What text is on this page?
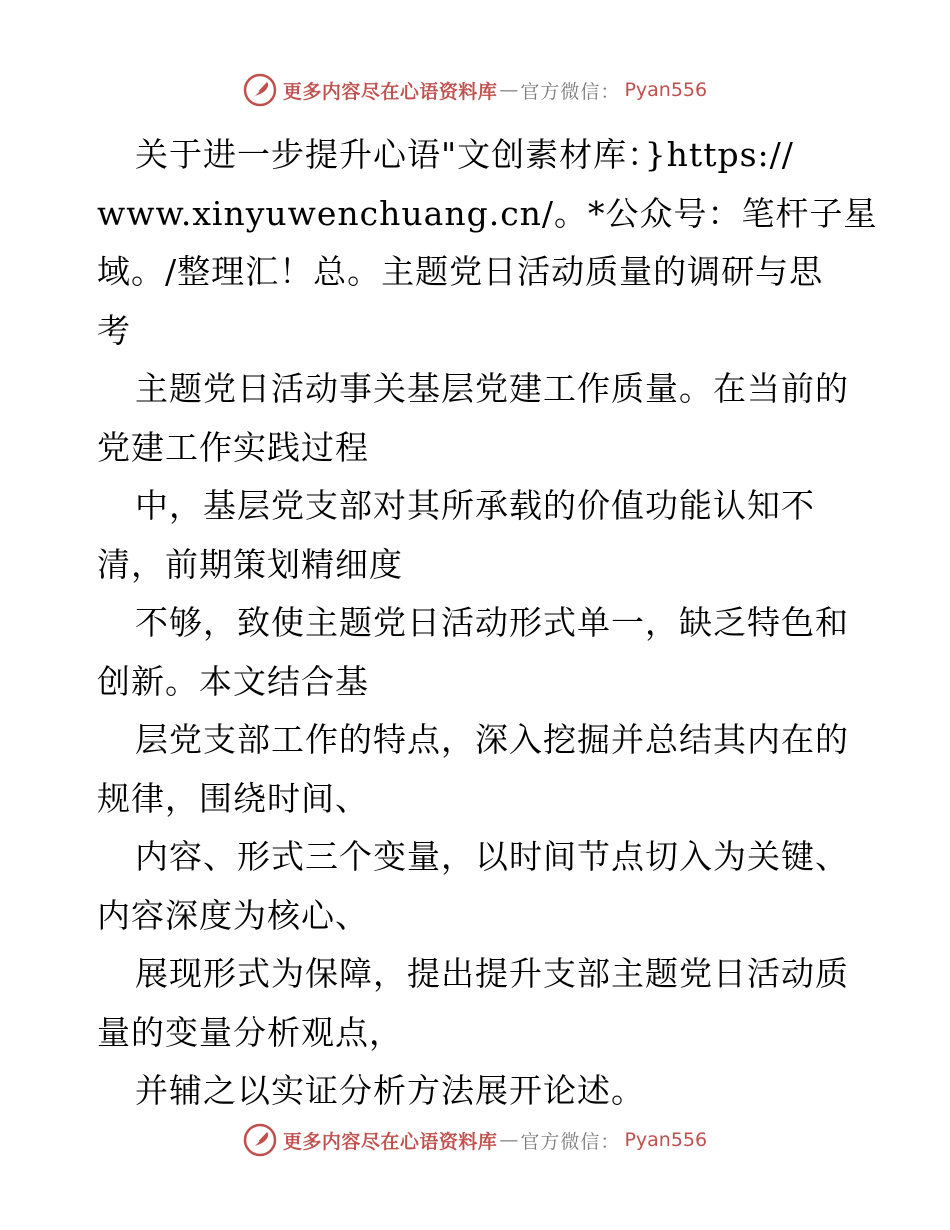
更多内容尽在心语资料库 — 官方微信： Pyan556

关于进一步提升心语"文创素材库：}https://

www.xinyuwenchuang.cn/。*公众号：笔杆子星

域。/整理汇！总。主题党日活动质量的调研与思

考

主题党日活动事关基层党建工作质量。在当前的

党建工作实践过程

中，基层党支部对其所承载的价值功能认知不

清，前期策划精细度

不够，致使主题党日活动形式单一，缺乏特色和

创新。本文结合基

层党支部工作的特点，深入挖掘并总结其内在的

规律，围绕时间、

内容、形式三个变量，以时间节点切入为关键、

内容深度为核心、

展现形式为保障，提出提升支部主题党日活动质

量的变量分析观点，

并辅之以实证分析方法展开论述。

更多内容尽在心语资料库 — 官方微信： Pyan556
